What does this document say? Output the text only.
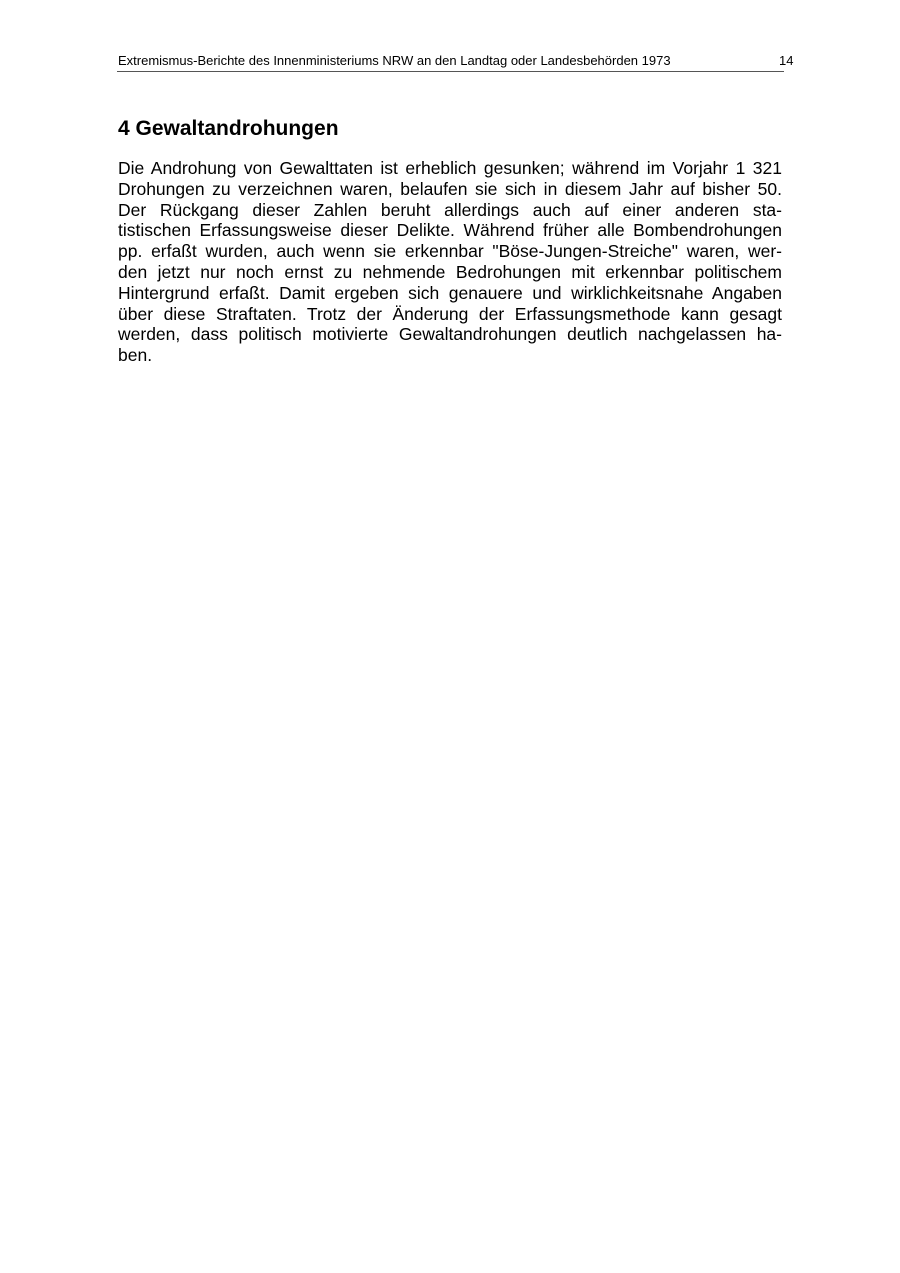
Extremismus-Berichte des Innenministeriums NRW an den Landtag oder Landesbehörden 1973	14
4 Gewaltandrohungen

Die Androhung von Gewalttaten ist erheblich gesunken; während im Vorjahr 1 321
Drohungen zu verzeichnen waren, belaufen sie sich in diesem Jahr auf bisher 50.
Der Rückgang dieser Zahlen beruht allerdings auch auf einer anderen sta-
tistischen Erfassungsweise dieser Delikte. Während früher alle Bombendrohungen
pp. erfaßt wurden, auch wenn sie erkennbar "Böse-Jungen-Streiche" waren, wer-
den jetzt nur noch ernst zu nehmende Bedrohungen mit erkennbar politischem
Hintergrund erfaßt. Damit ergeben sich genauere und wirklichkeitsnahe Angaben
über diese Straftaten. Trotz der Änderung der Erfassungsmethode kann gesagt
werden, dass politisch motivierte Gewaltandrohungen deutlich nachgelassen ha-
ben.
